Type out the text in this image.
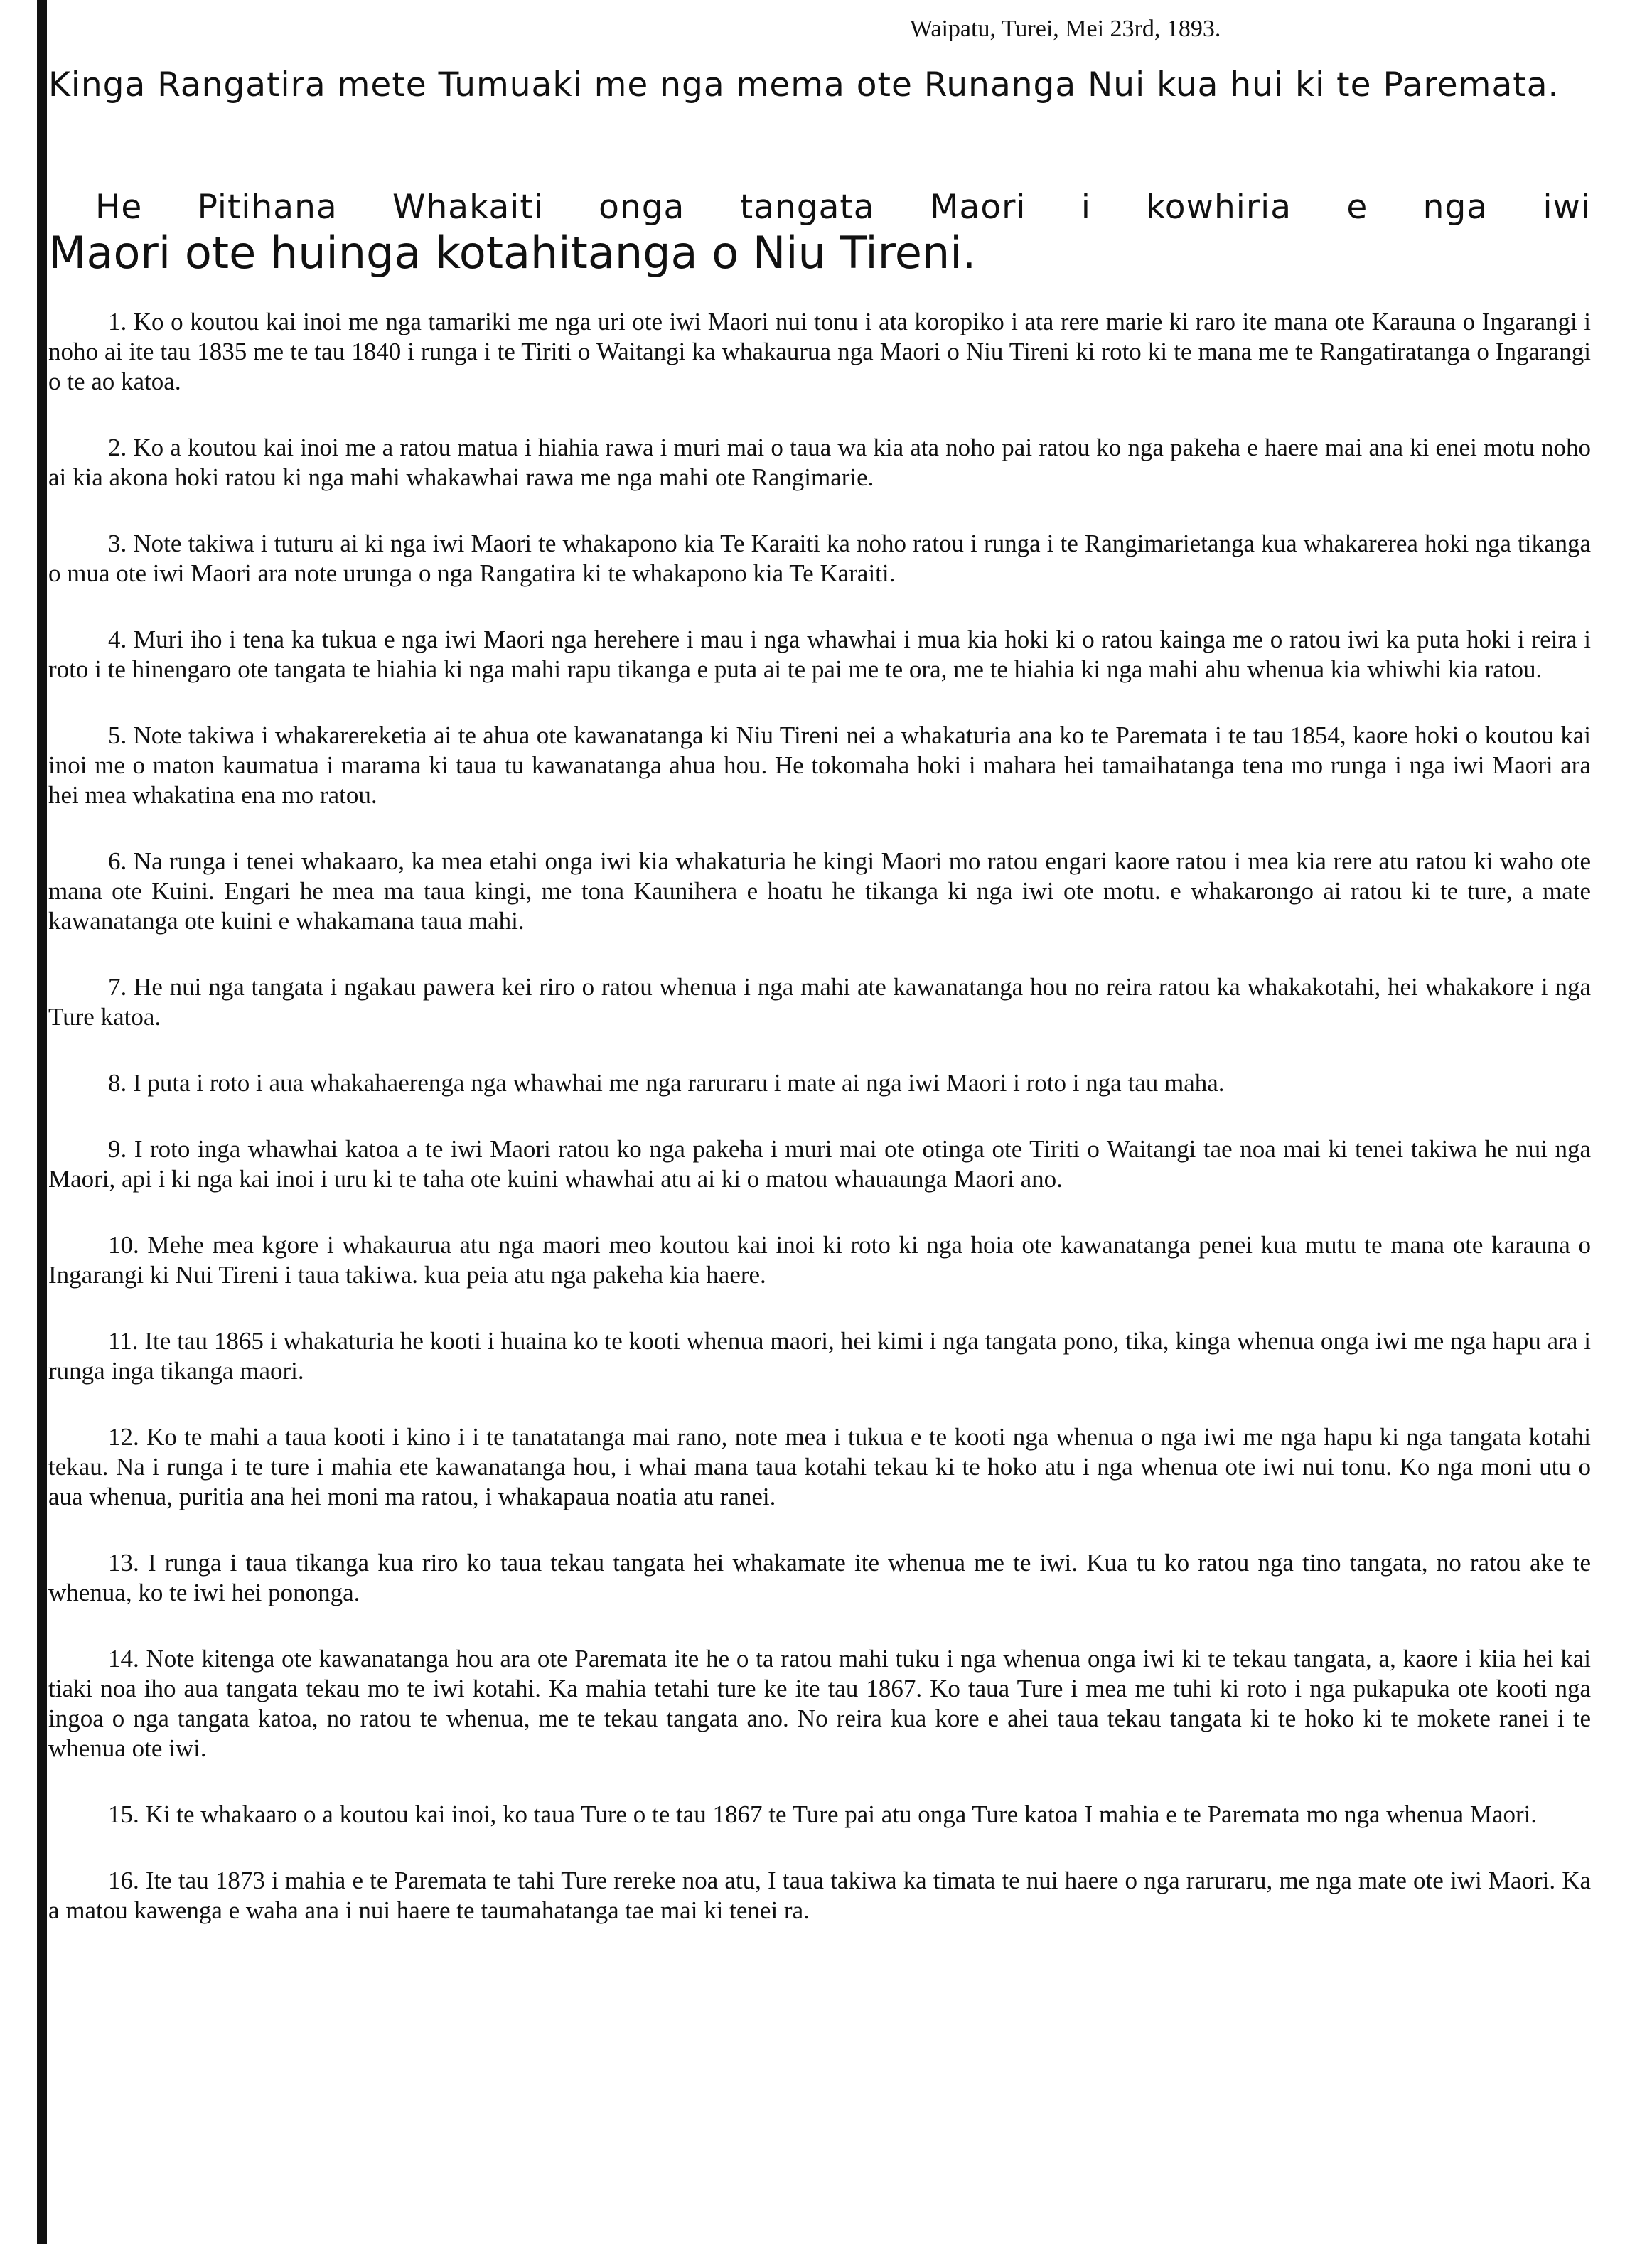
Waipatu, Turei, Mei 23rd, 1893.
Kinga Rangatira mete Tumuaki me nga mema ote Runanga Nui kua hui ki te Paremata.
He Pitihana Whakaiti onga tangata Maori i kowhiria e nga iwi
Maori ote huinga kotahitanga o Niu Tireni.

1. Ko o koutou kai inoi me nga tamariki me nga uri ote iwi Maori nui tonu i ata koropiko i ata rere marie ki raro ite mana ote Karauna o Ingarangi i noho ai ite tau 1835 me te tau 1840 i runga i te Tiriti o Waitangi ka whakaurua nga Maori o Niu Tireni ki roto ki te mana me te Rangatiratanga o Ingarangi o te ao katoa.

2. Ko a koutou kai inoi me a ratou matua i hiahia rawa i muri mai o taua wa kia ata noho pai ratou ko nga pakeha e haere mai ana ki enei motu noho ai kia akona hoki ratou ki nga mahi whakawhai rawa me nga mahi ote Rangimarie.

3. Note takiwa i tuturu ai ki nga iwi Maori te whakapono kia Te Karaiti ka noho ratou i runga i te Rangimarietanga kua whakarerea hoki nga tikanga o mua ote iwi Maori ara note urunga o nga Rangatira ki te whakapono kia Te Karaiti.

4. Muri iho i tena ka tukua e nga iwi Maori nga herehere i mau i nga whawhai i mua kia hoki ki o ratou kainga me o ratou iwi ka puta hoki i reira i roto i te hinengaro ote tangata te hiahia ki nga mahi rapu tikanga e puta ai te pai me te ora, me te hiahia ki nga mahi ahu whenua kia whiwhi kia ratou.

5. Note takiwa i whakarereketia ai te ahua ote kawanatanga ki Niu Tireni nei a whakaturia ana ko te Paremata i te tau 1854, kaore hoki o koutou kai inoi me o maton kaumatua i marama ki taua tu kawanatanga ahua hou. He tokomaha hoki i mahara hei tamaihatanga tena mo runga i nga iwi Maori ara hei mea whakatina ena mo ratou.

6. Na runga i tenei whakaaro, ka mea etahi onga iwi kia whakaturia he kingi Maori mo ratou engari kaore ratou i mea kia rere atu ratou ki waho ote mana ote Kuini. Engari he mea ma taua kingi, me tona Kaunihera e hoatu he tikanga ki nga iwi ote motu. e whakarongo ai ratou ki te ture, a mate kawanatanga ote kuini e whakamana taua mahi.

7. He nui nga tangata i ngakau pawera kei riro o ratou whenua i nga mahi ate kawanatanga hou no reira ratou ka whakakotahi, hei whakakore i nga Ture katoa.

8. I puta i roto i aua whakahaerenga nga whawhai me nga raruraru i mate ai nga iwi Maori i roto i nga tau maha.

9. I roto inga whawhai katoa a te iwi Maori ratou ko nga pakeha i muri mai ote otinga ote Tiriti o Waitangi tae noa mai ki tenei takiwa he nui nga Maori, api i ki nga kai inoi i uru ki te taha ote kuini whawhai atu ai ki o matou whauaunga Maori ano.

10. Mehe mea kgore i whakaurua atu nga maori meo koutou kai inoi ki roto ki nga hoia ote kawanatanga penei kua mutu te mana ote karauna o Ingarangi ki Nui Tireni i taua takiwa. kua peia atu nga pakeha kia haere.

11. Ite tau 1865 i whakaturia he kooti i huaina ko te kooti whenua maori, hei kimi i nga tangata pono, tika, kinga whenua onga iwi me nga hapu ara i runga inga tikanga maori.

12. Ko te mahi a taua kooti i kino i i te tanatatanga mai rano, note mea i tukua e te kooti nga whenua o nga iwi me nga hapu ki nga tangata kotahi tekau. Na i runga i te ture i mahia ete kawanatanga hou, i whai mana taua kotahi tekau ki te hoko atu i nga whenua ote iwi nui tonu. Ko nga moni utu o aua whenua, puritia ana hei moni ma ratou, i whakapaua noatia atu ranei.

13. I runga i taua tikanga kua riro ko taua tekau tangata hei whakamate ite whenua me te iwi. Kua tu ko ratou nga tino tangata, no ratou ake te whenua, ko te iwi hei pononga.

14. Note kitenga ote kawanatanga hou ara ote Paremata ite he o ta ratou mahi tuku i nga whenua onga iwi ki te tekau tangata, a, kaore i kiia hei kai tiaki noa iho aua tangata tekau mo te iwi kotahi. Ka mahia tetahi ture ke ite tau 1867. Ko taua Ture i mea me tuhi ki roto i nga pukapuka ote kooti nga ingoa o nga tangata katoa, no ratou te whenua, me te tekau tangata ano. No reira kua kore e ahei taua tekau tangata ki te hoko ki te mokete ranei i te whenua ote iwi.

15. Ki te whakaaro o a koutou kai inoi, ko taua Ture o te tau 1867 te Ture pai atu onga Ture katoa I mahia e te Paremata mo nga whenua Maori.

16. Ite tau 1873 i mahia e te Paremata te tahi Ture rereke noa atu, I taua takiwa ka timata te nui haere o nga raruraru, me nga mate ote iwi Maori. Ka a matou kawenga e waha ana i nui haere te taumahatanga tae mai ki tenei ra.
